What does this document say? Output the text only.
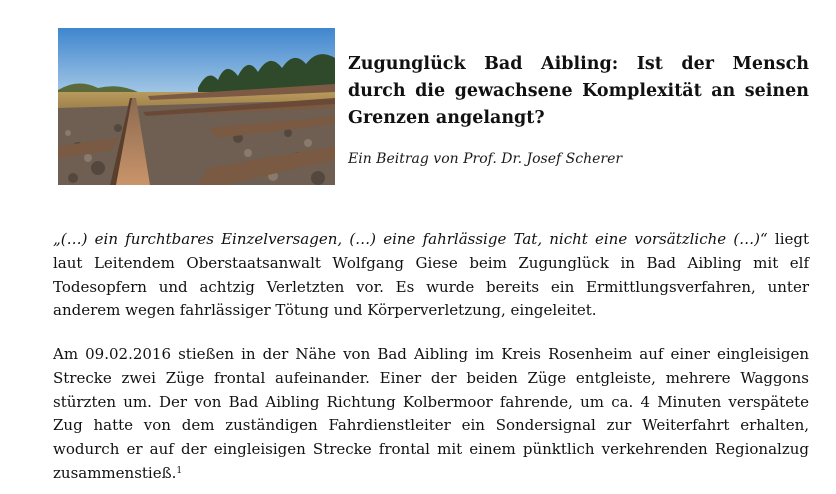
Zugunglück Bad Aibling: Ist der Mensch durch die gewachsene Komplexität an seinen Grenzen angelangt?

Ein Beitrag von Prof. Dr. Josef Scherer

„(…) ein furchtbares Einzelversagen, (…) eine fahrlässige Tat, nicht eine vorsätzliche (…)“ liegt laut Leitendem Oberstaatsanwalt Wolfgang Giese beim Zugunglück in Bad Aibling mit elf Todesopfern und achtzig Verletzten vor. Es wurde bereits ein Ermittlungsverfahren, unter anderem wegen fahrlässiger Tötung und Körperverletzung, eingeleitet.

Am 09.02.2016 stießen in der Nähe von Bad Aibling im Kreis Rosenheim auf einer eingleisigen Strecke zwei Züge frontal aufeinander. Einer der beiden Züge entgleiste, mehrere Waggons stürzten um. Der von Bad Aibling Richtung Kolbermoor fahrende, um ca. 4 Minuten verspätete Zug hatte von dem zuständigen Fahrdienstleiter ein Sondersignal zur Weiterfahrt erhalten, wodurch er auf der eingleisigen Strecke frontal mit einem pünktlich verkehrenden Regionalzug zusammenstieß.$^1$
